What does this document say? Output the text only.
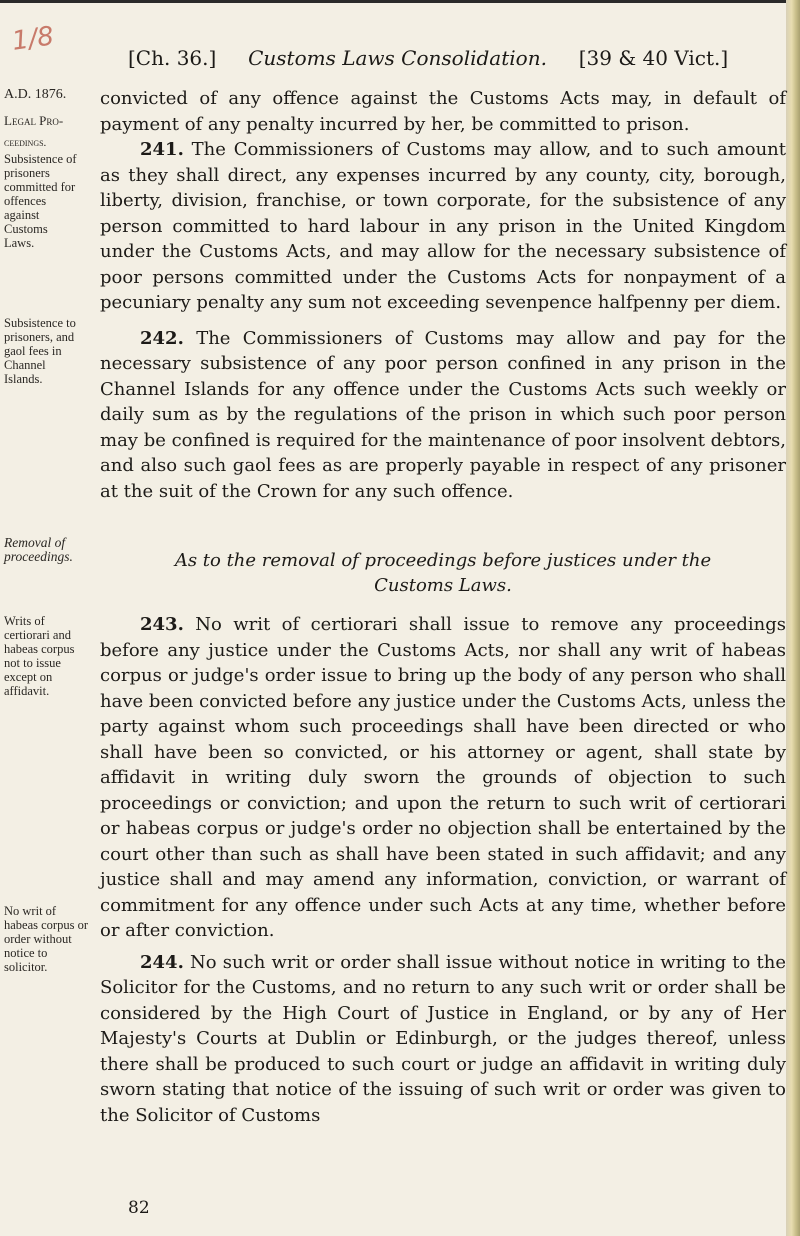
1/8
[Ch. 36.] Customs Laws Consolidation. [39 & 40 Vict.]
A.D. 1876.
Legal Pro-
ceedings.
Subsistence of prisoners committed for offences against Customs Laws.
Subsistence to prisoners, and gaol fees in Channel Islands.
Removal of proceedings.
Writs of certiorari and habeas corpus not to issue except on affidavit.
No writ of habeas corpus or order without notice to solicitor.

convicted of any offence against the Customs Acts may, in default of payment of any penalty incurred by her, be committed to prison.

241. The Commissioners of Customs may allow, and to such amount as they shall direct, any expenses incurred by any county, city, borough, liberty, division, franchise, or town corporate, for the subsistence of any person committed to hard labour in any prison in the United Kingdom under the Customs Acts, and may allow for the necessary subsistence of poor persons committed under the Customs Acts for nonpayment of a pecuniary penalty any sum not exceeding sevenpence halfpenny per diem.

242. The Commissioners of Customs may allow and pay for the necessary subsistence of any poor person confined in any prison in the Channel Islands for any offence under the Customs Acts such weekly or daily sum as by the regulations of the prison in which such poor person may be confined is required for the maintenance of poor insolvent debtors, and also such gaol fees as are properly payable in respect of any prisoner at the suit of the Crown for any such offence.

As to the removal of proceedings before justices under the
Customs Laws.

243. No writ of certiorari shall issue to remove any proceedings before any justice under the Customs Acts, nor shall any writ of habeas corpus or judge's order issue to bring up the body of any person who shall have been convicted before any justice under the Customs Acts, unless the party against whom such proceedings shall have been directed or who shall have been so convicted, or his attorney or agent, shall state by affidavit in writing duly sworn the grounds of objection to such proceedings or conviction; and upon the return to such writ of certiorari or habeas corpus or judge's order no objection shall be entertained by the court other than such as shall have been stated in such affidavit; and any justice shall and may amend any information, conviction, or warrant of commitment for any offence under such Acts at any time, whether before or after conviction.

244. No such writ or order shall issue without notice in writing to the Solicitor for the Customs, and no return to any such writ or order shall be considered by the High Court of Justice in England, or by any of Her Majesty's Courts at Dublin or Edinburgh, or the judges thereof, unless there shall be produced to such court or judge an affidavit in writing duly sworn stating that notice of the issuing of such writ or order was given to the Solicitor of Customs

82
